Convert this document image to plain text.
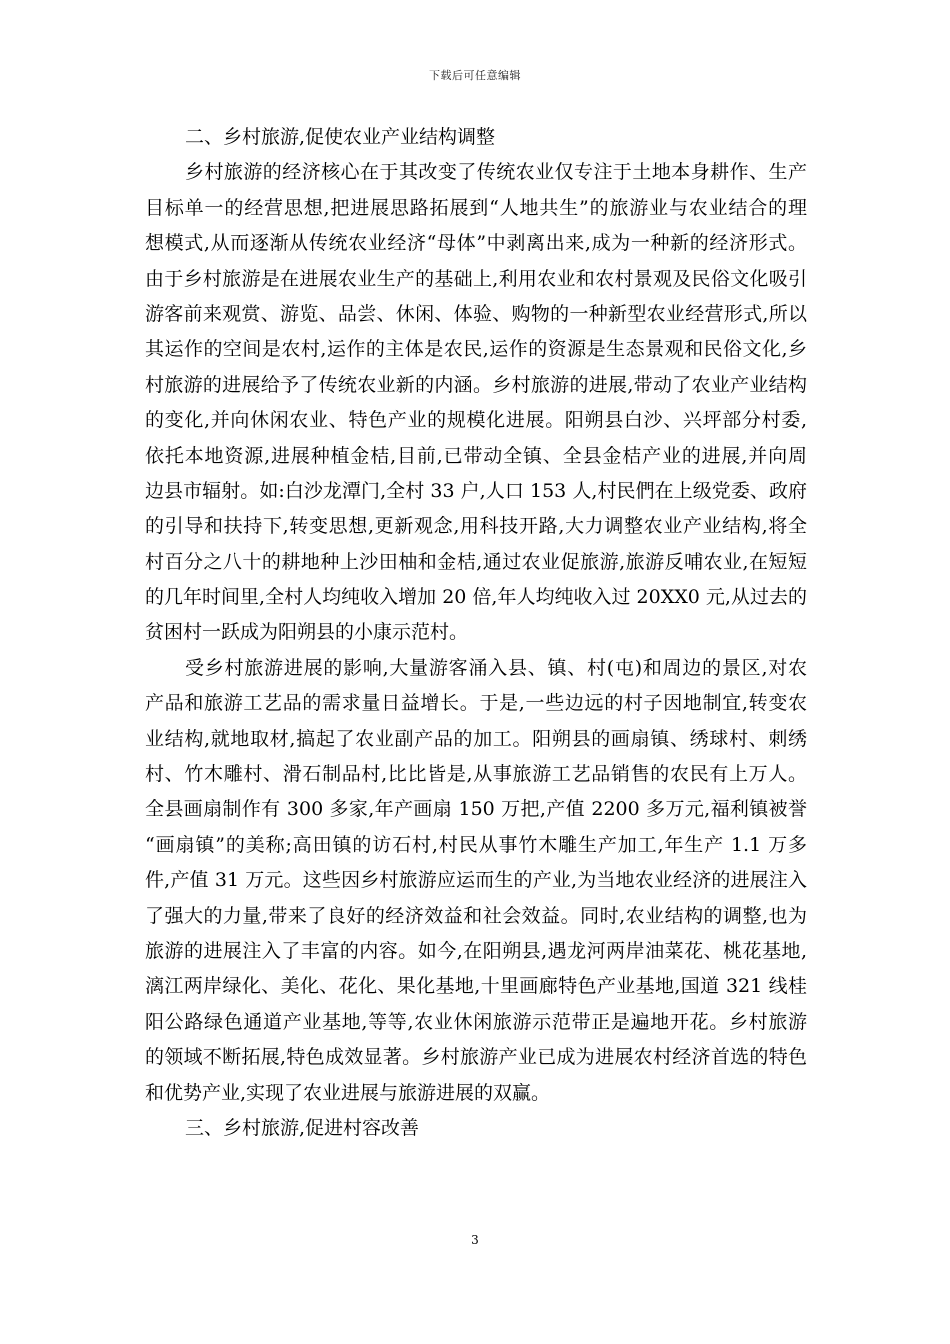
下载后可任意编辑

二、乡村旅游,促使农业产业结构调整

乡村旅游的经济核心在于其改变了传统农业仅专注于土地本身耕作、生产
目标单一的经营思想,把进展思路拓展到“人地共生”的旅游业与农业结合的理
想模式,从而逐渐从传统农业经济“母体”中剥离出来,成为一种新的经济形式。
由于乡村旅游是在进展农业生产的基础上,利用农业和农村景观及民俗文化吸引
游客前来观赏、游览、品尝、休闲、体验、购物的一种新型农业经营形式,所以
其运作的空间是农村,运作的主体是农民,运作的资源是生态景观和民俗文化,乡
村旅游的进展给予了传统农业新的内涵。乡村旅游的进展,带动了农业产业结构
的变化,并向休闲农业、特色产业的规模化进展。阳朔县白沙、兴坪部分村委,
依托本地资源,进展种植金桔,目前,已带动全镇、全县金桔产业的进展,并向周
边县市辐射。如:白沙龙潭门,全村 33 户,人口 153 人,村民們在上级党委、政府
的引导和扶持下,转变思想,更新观念,用科技开路,大力调整农业产业结构,将全
村百分之八十的耕地种上沙田柚和金桔,通过农业促旅游,旅游反哺农业,在短短
的几年时间里,全村人均纯收入增加 20 倍,年人均纯收入过 20XX0 元,从过去的
贫困村一跃成为阳朔县的小康示范村。
受乡村旅游进展的影响,大量游客涌入县、镇、村(屯)和周边的景区,对农
产品和旅游工艺品的需求量日益增长。于是,一些边远的村子因地制宜,转变农
业结构,就地取材,搞起了农业副产品的加工。阳朔县的画扇镇、绣球村、刺绣
村、竹木雕村、滑石制品村,比比皆是,从事旅游工艺品销售的农民有上万人。
全县画扇制作有 300 多家,年产画扇 150 万把,产值 2200 多万元,福利镇被誉
“画扇镇”的美称;高田镇的访石村,村民从事竹木雕生产加工,年生产 1.1 万多
件,产值 31 万元。这些因乡村旅游应运而生的产业,为当地农业经济的进展注入
了强大的力量,带来了良好的经济效益和社会效益。同时,农业结构的调整,也为
旅游的进展注入了丰富的内容。如今,在阳朔县,遇龙河两岸油菜花、桃花基地,
漓江两岸绿化、美化、花化、果化基地,十里画廊特色产业基地,国道 321 线桂
阳公路绿色通道产业基地,等等,农业休闲旅游示范带正是遍地开花。乡村旅游
的领域不断拓展,特色成效显著。乡村旅游产业已成为进展农村经济首选的特色
和优势产业,实现了农业进展与旅游进展的双赢。

三、乡村旅游,促进村容改善

3
